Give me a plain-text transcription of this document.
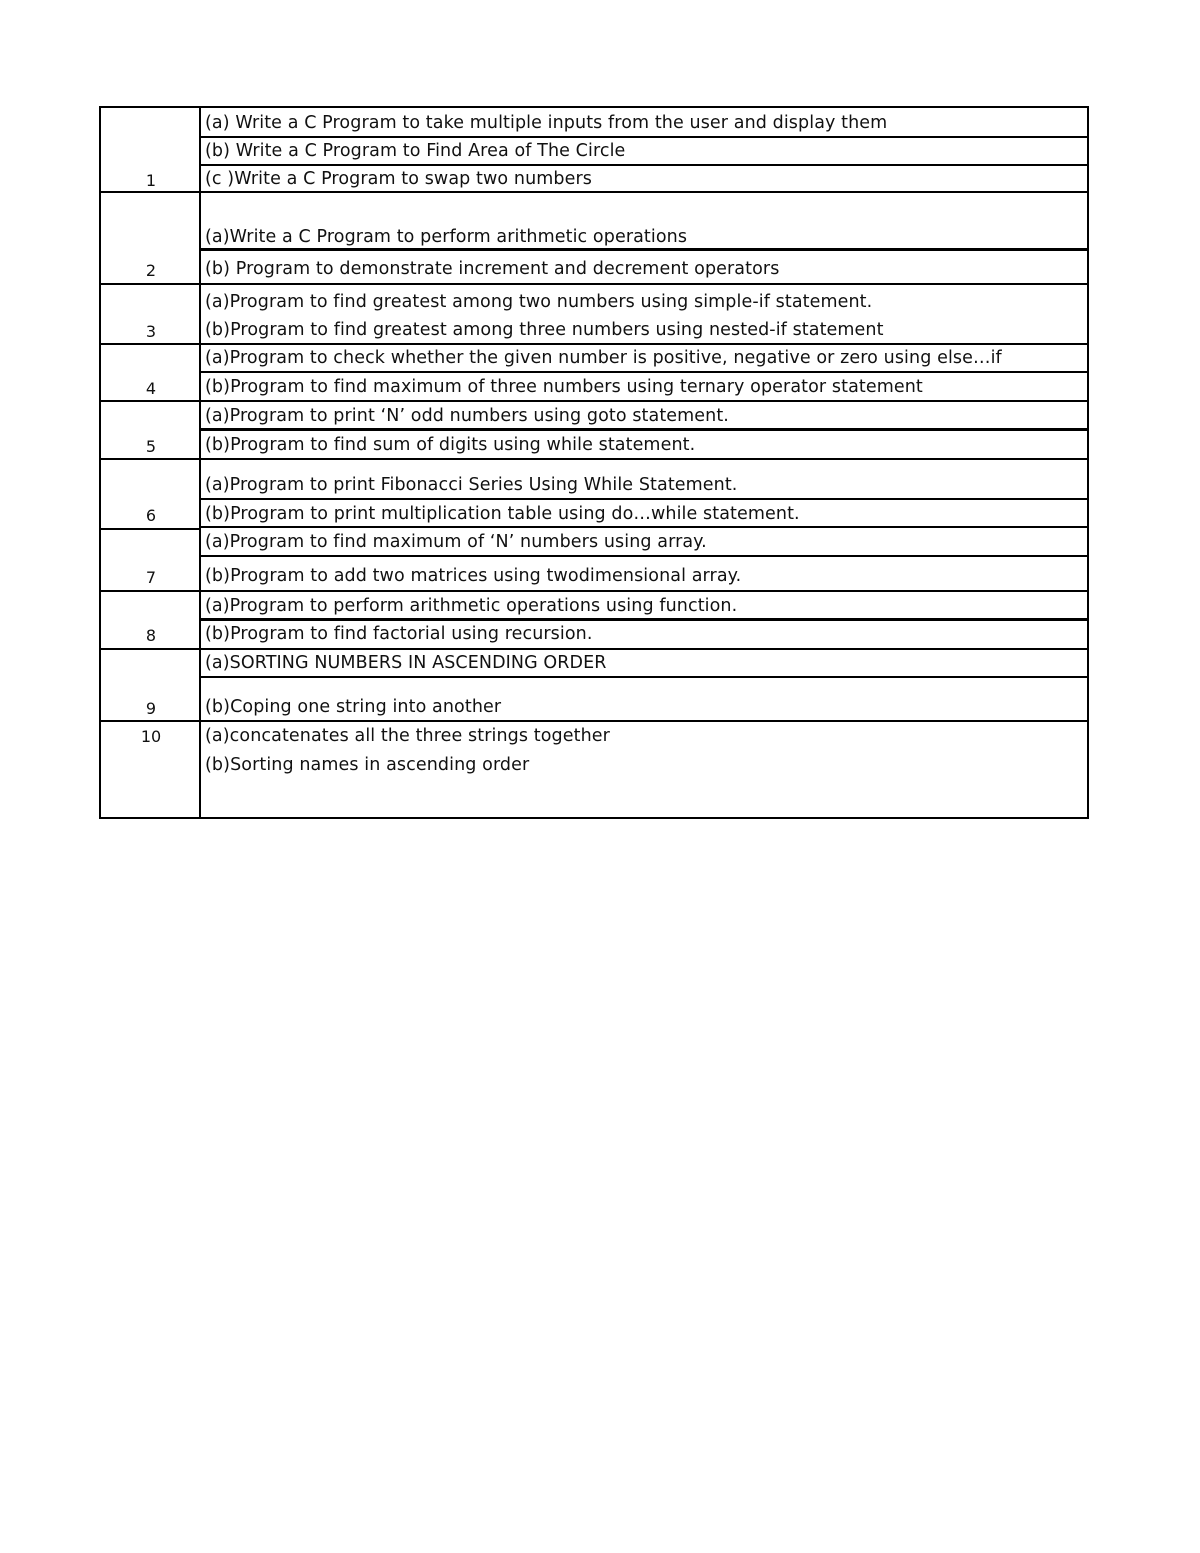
1
2
3
4
5
6
7
8
9
10
(a) Write a C Program to take multiple inputs from the user and display them
(b) Write a C Program to Find Area of The Circle
(c )Write a C Program to swap two numbers
(a)Write a C Program to perform arithmetic operations
(b) Program to demonstrate increment and decrement operators
(a)Program to find greatest among two numbers using simple-if statement.
(b)Program to find greatest among three numbers using nested-if statement
(a)Program to check whether the given number is positive, negative or zero using else…if
(b)Program to find maximum of three numbers using ternary operator statement
(a)Program to print ‘N’ odd numbers using goto statement.
(b)Program to find sum of digits using while statement.
(a)Program to print Fibonacci Series Using While Statement.
(b)Program to print multiplication table using do…while statement.
(a)Program to find maximum of ‘N’ numbers using array.
(b)Program to add two matrices using twodimensional array.
(a)Program to perform arithmetic operations using function.
(b)Program to find factorial using recursion.
(a)SORTING NUMBERS IN ASCENDING ORDER
(b)Coping one string into another
(a)concatenates all the three strings together
(b)Sorting names in ascending order
